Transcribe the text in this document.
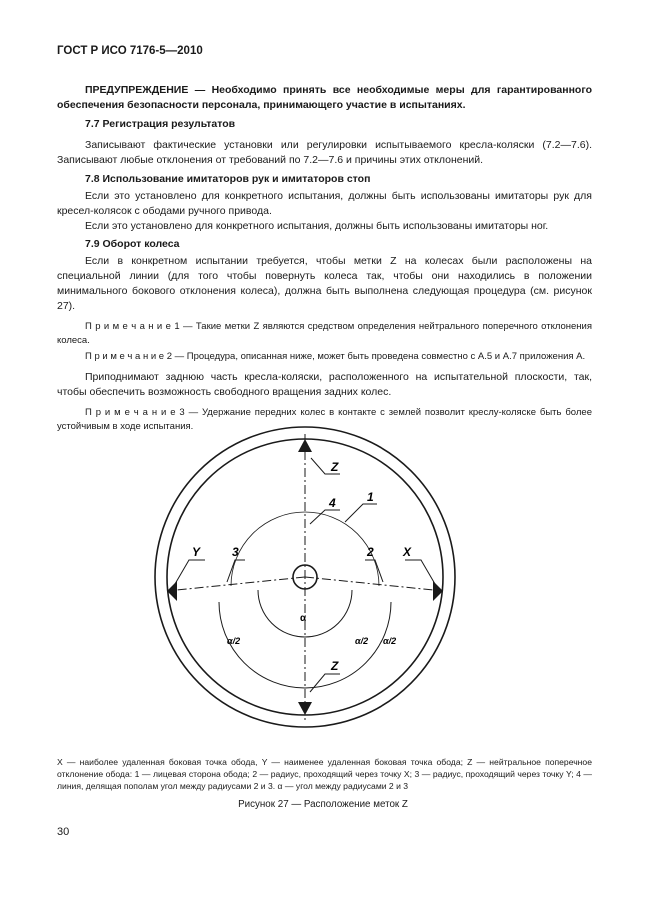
ГОСТ Р ИСО 7176-5—2010

ПРЕДУПРЕЖДЕНИЕ — Необходимо принять все необходимые меры для гарантированного обеспечения безопасности персонала, принимающего участие в испытаниях.

7.7 Регистрация результатов

Записывают фактические установки или регулировки испытываемого кресла-коляски (7.2—7.6). Записывают любые отклонения от требований по 7.2—7.6 и причины этих отклонений.

7.8 Использование имитаторов рук и имитаторов стоп

Если это установлено для конкретного испытания, должны быть использованы имитаторы рук для кресел-колясок с ободами ручного привода.

Если это установлено для конкретного испытания, должны быть использованы имитаторы ног.

7.9 Оборот колеса

Если в конкретном испытании требуется, чтобы метки Z на колесах были расположены на специальной линии (для того чтобы повернуть колеса так, чтобы они находились в положении минимального бокового отклонения колеса), должна быть выполнена следующая процедура (см. рисунок 27).

П р и м е ч а н и е 1 — Такие метки Z являются средством определения нейтрального поперечного отклонения колеса.

П р и м е ч а н и е 2 — Процедура, описанная ниже, может быть проведена совместно с А.5 и А.7 приложения А.

Приподнимают заднюю часть кресла-коляски, расположенного на испытательной плоскости, так, чтобы обеспечить возможность свободного вращения задних колес.

П р и м е ч а н и е 3 — Удержание передних колес в контакте с землей позволит креслу-коляске быть более устойчивым в ходе испытания.

Z
Z
1
4
Y	X
3	2
α
α/2	α/2 α/2
X — наиболее удаленная боковая точка обода, Y — наименее удаленная боковая точка обода; Z — нейтральное поперечное отклонение обода: 1 — лицевая сторона обода; 2 — радиус, проходящий через точку X; 3 — радиус, проходящий через точку Y; 4 — линия, делящая пополам угол между радиусами 2 и 3. α — угол между радиусами 2 и 3
Рисунок 27 — Расположение меток Z
30
